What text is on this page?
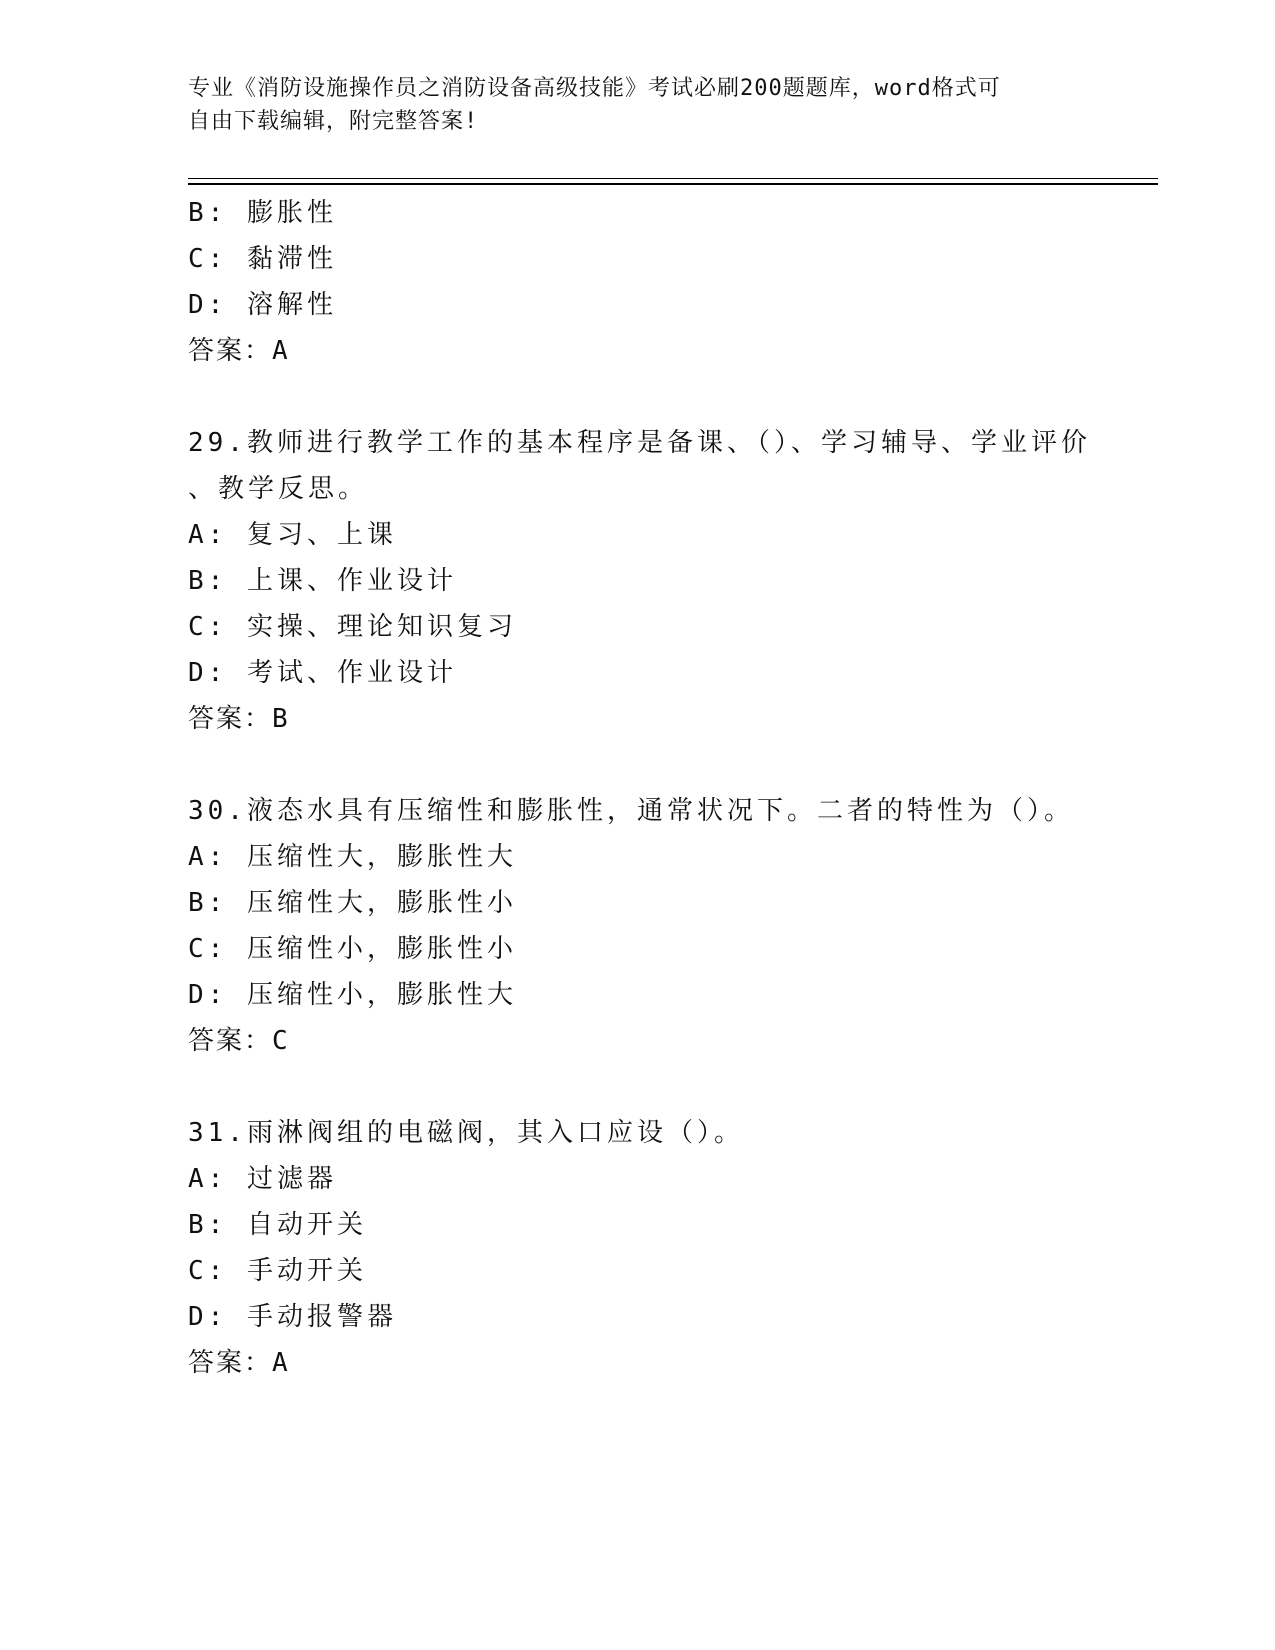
专业《消防设施操作员之消防设备高级技能》考试必刷200题题库，word格式可
自由下载编辑，附完整答案!
B: 膨胀性
C: 黏滞性
D: 溶解性
答案：A
29.教师进行教学工作的基本程序是备课、（）、学习辅导、学业评价
、教学反思。
A: 复习、上课
B: 上课、作业设计
C: 实操、理论知识复习
D: 考试、作业设计
答案：B
30.液态水具有压缩性和膨胀性，通常状况下。二者的特性为（）。
A: 压缩性大，膨胀性大
B: 压缩性大，膨胀性小
C: 压缩性小，膨胀性小
D: 压缩性小，膨胀性大
答案：C
31.雨淋阀组的电磁阀，其入口应设（）。
A: 过滤器
B: 自动开关
C: 手动开关
D: 手动报警器
答案：A
